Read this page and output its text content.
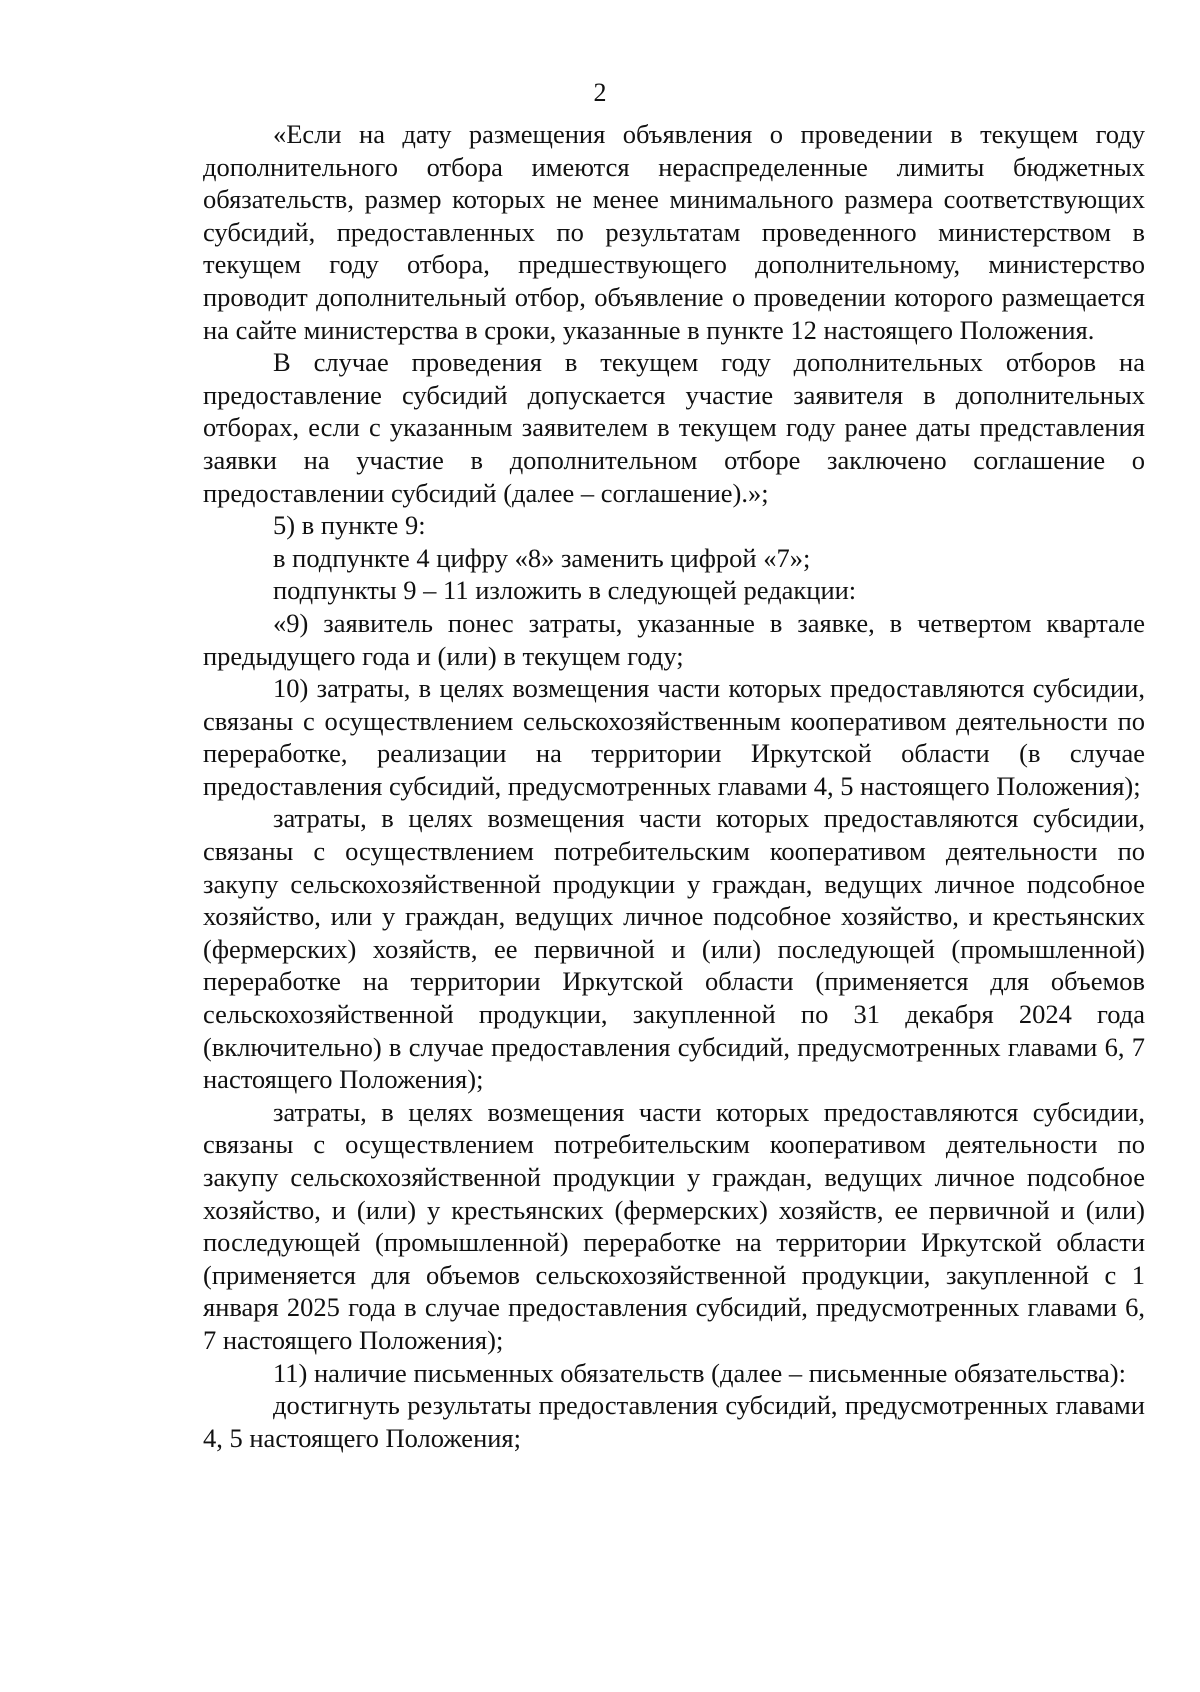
2

«Если на дату размещения объявления о проведении в текущем году дополнительного отбора имеются нераспределенные лимиты бюджетных обязательств, размер которых не менее минимального размера соответствующих субсидий, предоставленных по результатам проведенного министерством в текущем году отбора, предшествующего дополнительному, министерство проводит дополнительный отбор, объявление о проведении которого размещается на сайте министерства в сроки, указанные в пункте 12 настоящего Положения.

В случае проведения в текущем году дополнительных отборов на предоставление субсидий допускается участие заявителя в дополнительных отборах, если с указанным заявителем в текущем году ранее даты представления заявки на участие в дополнительном отборе заключено соглашение о предоставлении субсидий (далее – соглашение).»;

5) в пункте 9:

в подпункте 4 цифру «8» заменить цифрой «7»;

подпункты 9 – 11 изложить в следующей редакции:

«9) заявитель понес затраты, указанные в заявке, в четвертом квартале предыдущего года и (или) в текущем году;

10) затраты, в целях возмещения части которых предоставляются субсидии, связаны с осуществлением сельскохозяйственным кооперативом деятельности по переработке, реализации на территории Иркутской области (в случае предоставления субсидий, предусмотренных главами 4, 5 настоящего Положения);

затраты, в целях возмещения части которых предоставляются субсидии, связаны с осуществлением потребительским кооперативом деятельности по закупу сельскохозяйственной продукции у граждан, ведущих личное подсобное хозяйство, или у граждан, ведущих личное подсобное хозяйство, и крестьянских (фермерских) хозяйств, ее первичной и (или) последующей (промышленной) переработке на территории Иркутской области (применяется для объемов сельскохозяйственной продукции, закупленной по 31 декабря 2024 года (включительно) в случае предоставления субсидий, предусмотренных главами 6, 7 настоящего Положения);

затраты, в целях возмещения части которых предоставляются субсидии, связаны с осуществлением потребительским кооперативом деятельности по закупу сельскохозяйственной продукции у граждан, ведущих личное подсобное хозяйство, и (или) у крестьянских (фермерских) хозяйств, ее первичной и (или) последующей (промышленной) переработке на территории Иркутской области (применяется для объемов сельскохозяйственной продукции, закупленной с 1 января 2025 года в случае предоставления субсидий, предусмотренных главами 6, 7 настоящего Положения);

11) наличие письменных обязательств (далее – письменные обязательства):

достигнуть результаты предоставления субсидий, предусмотренных главами 4, 5 настоящего Положения;
